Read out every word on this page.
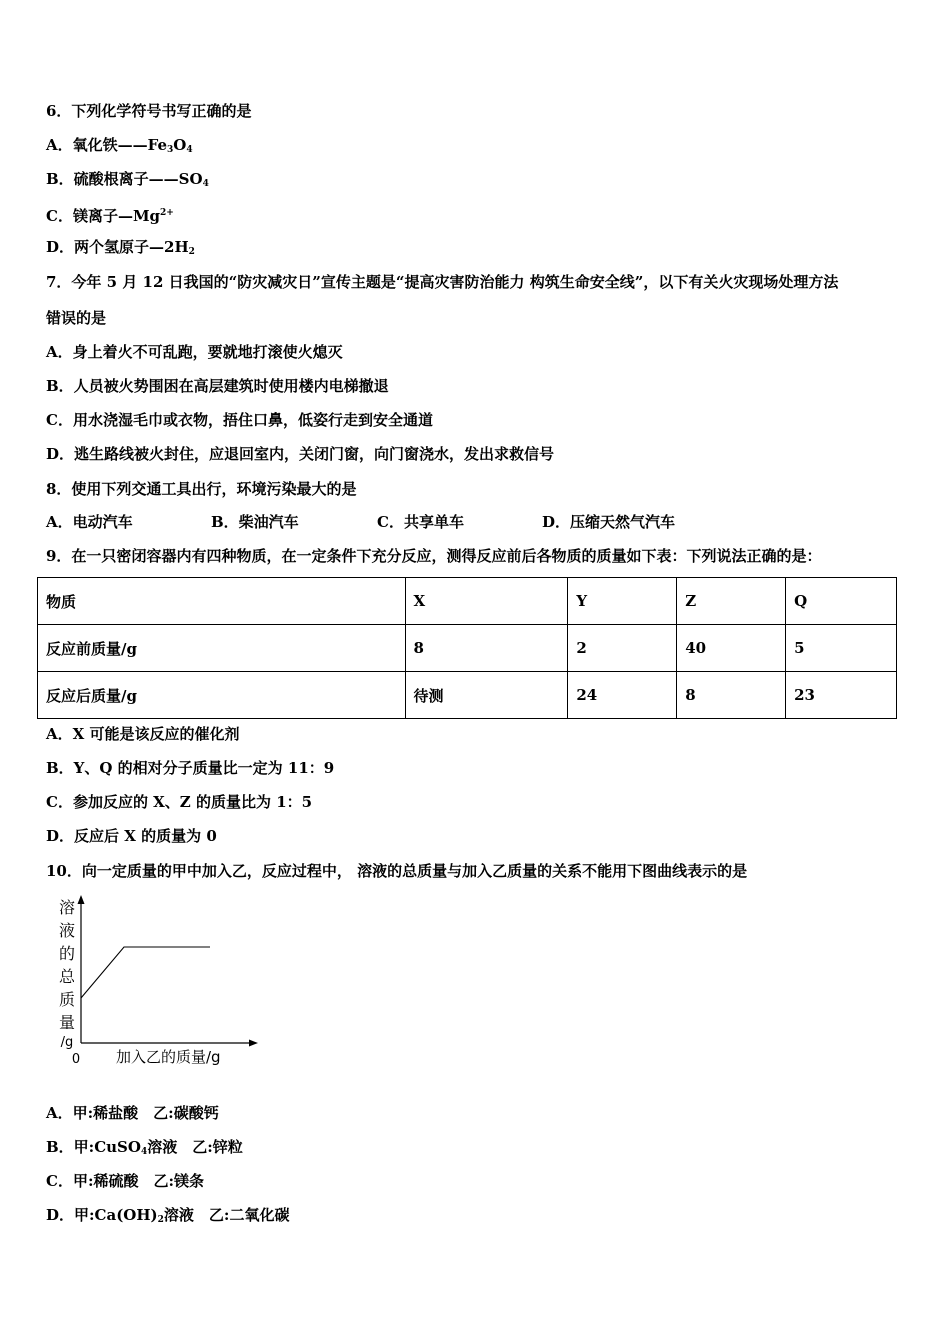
6．下列化学符号书写正确的是
A．氧化铁$——Fe_3O_4$
B．硫酸根离子$——SO_4$
C．镁离子$—Mg^{2+}$
D．两个氢原子$—2H_2$
7．今年 5 月 12 日我国的“防灾减灾日”宣传主题是“提高灾害防治能力 构筑生命安全线”，以下有关火灾现场处理方法
错误的是
A．身上着火不可乱跑，要就地打滚使火熄灭
B．人员被火势围困在高层建筑时使用楼内电梯撤退
C．用水浇湿毛巾或衣物，捂住口鼻，低姿行走到安全通道
D．逃生路线被火封住，应退回室内，关闭门窗，向门窗浇水，发出求救信号
8．使用下列交通工具出行，环境污染最大的是
A．电动汽车	B．柴油汽车	C．共享单车	D．压缩天然气汽车
9．在一只密闭容器内有四种物质，在一定条件下充分反应，测得反应前后各物质的质量如下表：下列说法正确的是：
物质	X	Y	Z	Q
反应前质量/g	8	2	40	5
反应后质量/g	待测	24	8	23
A．X 可能是该反应的催化剂
B．Y、Q 的相对分子质量比一定为 11：9
C．参加反应的 X、Z 的质量比为 1：5
D．反应后 X 的质量为 0
10．向一定质量的甲中加入乙，反应过程中， 溶液的总质量与加入乙质量的关系不能用下图曲线表示的是
溶
液
的
总
质
量
/g
0 加入乙的质量/g
A．甲:稀盐酸　乙:碳酸钙
B．甲:CuSO$_4$溶液　乙:锌粒
C．甲:稀硫酸　乙:镁条
D．甲$:Ca(OH)_2$溶液　乙:二氧化碳
